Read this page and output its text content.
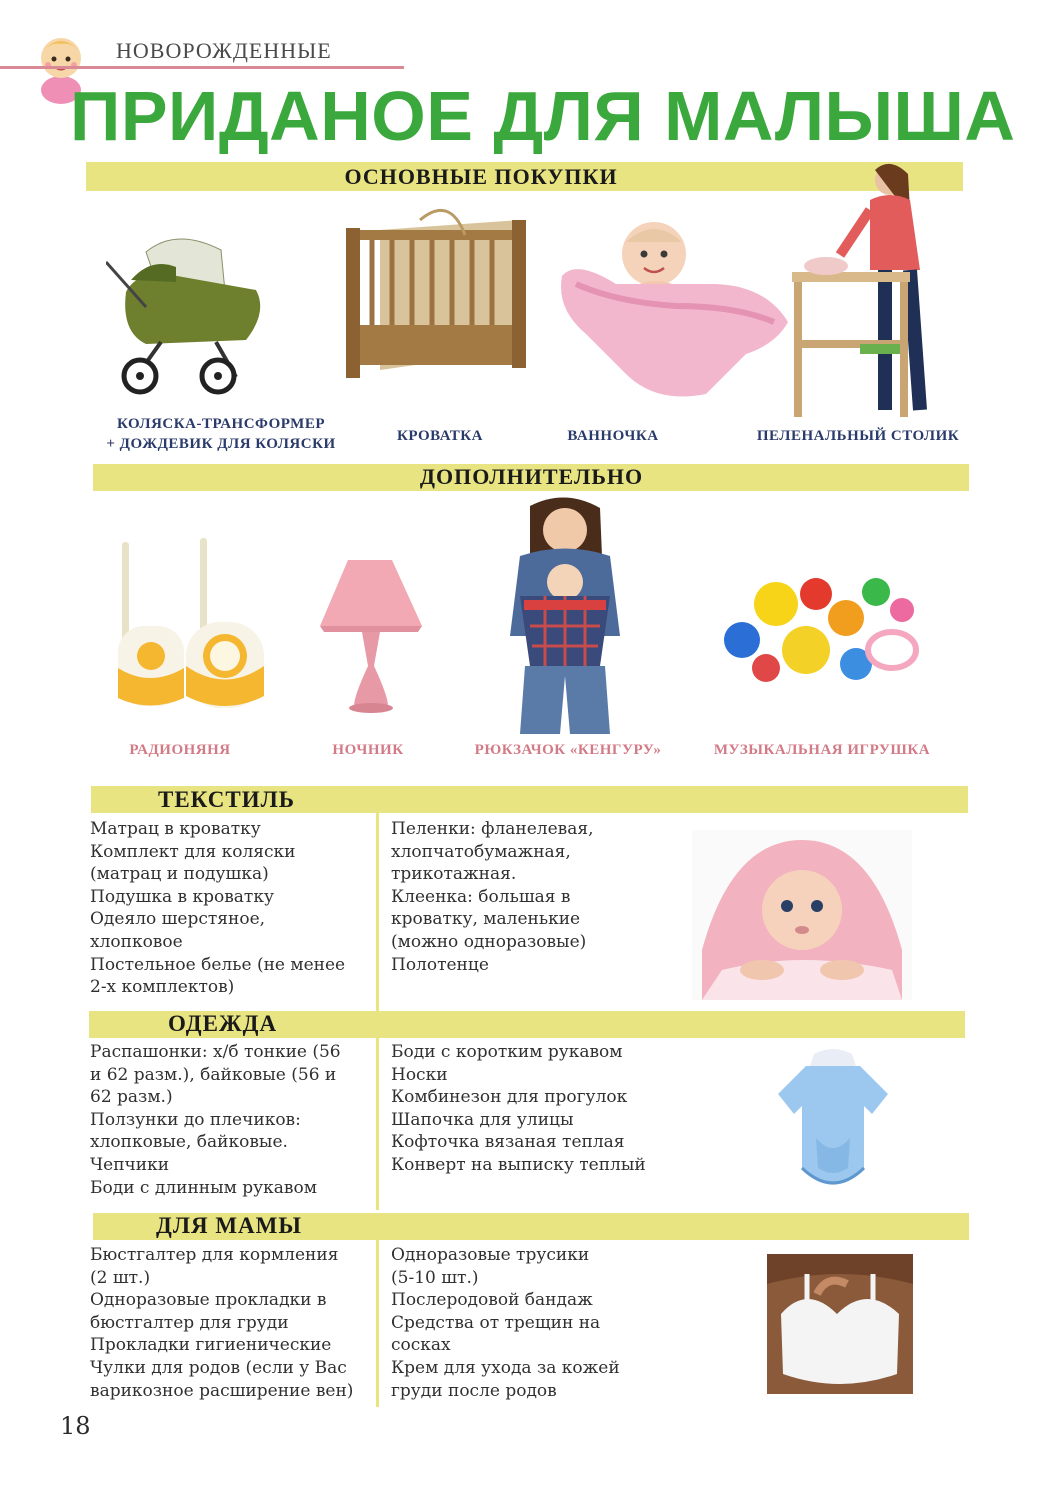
НОВОРОЖДЕННЫЕ
ПРИДАНОЕ ДЛЯ МАЛЫША
ОСНОВНЫЕ ПОКУПКИ
КОЛЯСКА-ТРАНСФОРМЕР
+ ДОЖДЕВИК ДЛЯ КОЛЯСКИ	КРОВАТКА	ВАННОЧКА	ПЕЛЕНАЛЬНЫЙ СТОЛИК
ДОПОЛНИТЕЛЬНО
РАДИОНЯНЯ	НОЧНИК	РЮКЗАЧОК «КЕНГУРУ»	МУЗЫКАЛЬНАЯ ИГРУШКА
ТЕКСТИЛЬ
Матрац в кроватку
Комплект для коляски
(матрац и подушка)
Подушка в кроватку
Одеяло шерстяное,
хлопковое
Постельное белье (не менее
2-х комплектов)
Пеленки: фланелевая,
хлопчатобумажная,
трикотажная.
Клеенка: большая в
кроватку, маленькие
(можно одноразовые)
Полотенце
ОДЕЖДА
Распашонки: х/б тонкие (56
и 62 разм.), байковые (56 и
62 разм.)
Ползунки до плечиков:
хлопковые, байковые.
Чепчики
Боди с длинным рукавом
Боди с коротким рукавом
Носки
Комбинезон для прогулок
Шапочка для улицы
Кофточка вязаная теплая
Конверт на выписку теплый
ДЛЯ МАМЫ
Бюстгалтер для кормления
(2 шт.)
Одноразовые прокладки в
бюстгалтер для груди
Прокладки гигиенические
Чулки для родов (если у Вас
варикозное расширение вен)
Одноразовые трусики
(5-10 шт.)
Послеродовой бандаж
Средства от трещин на
сосках
Крем для ухода за кожей
груди после родов
18
